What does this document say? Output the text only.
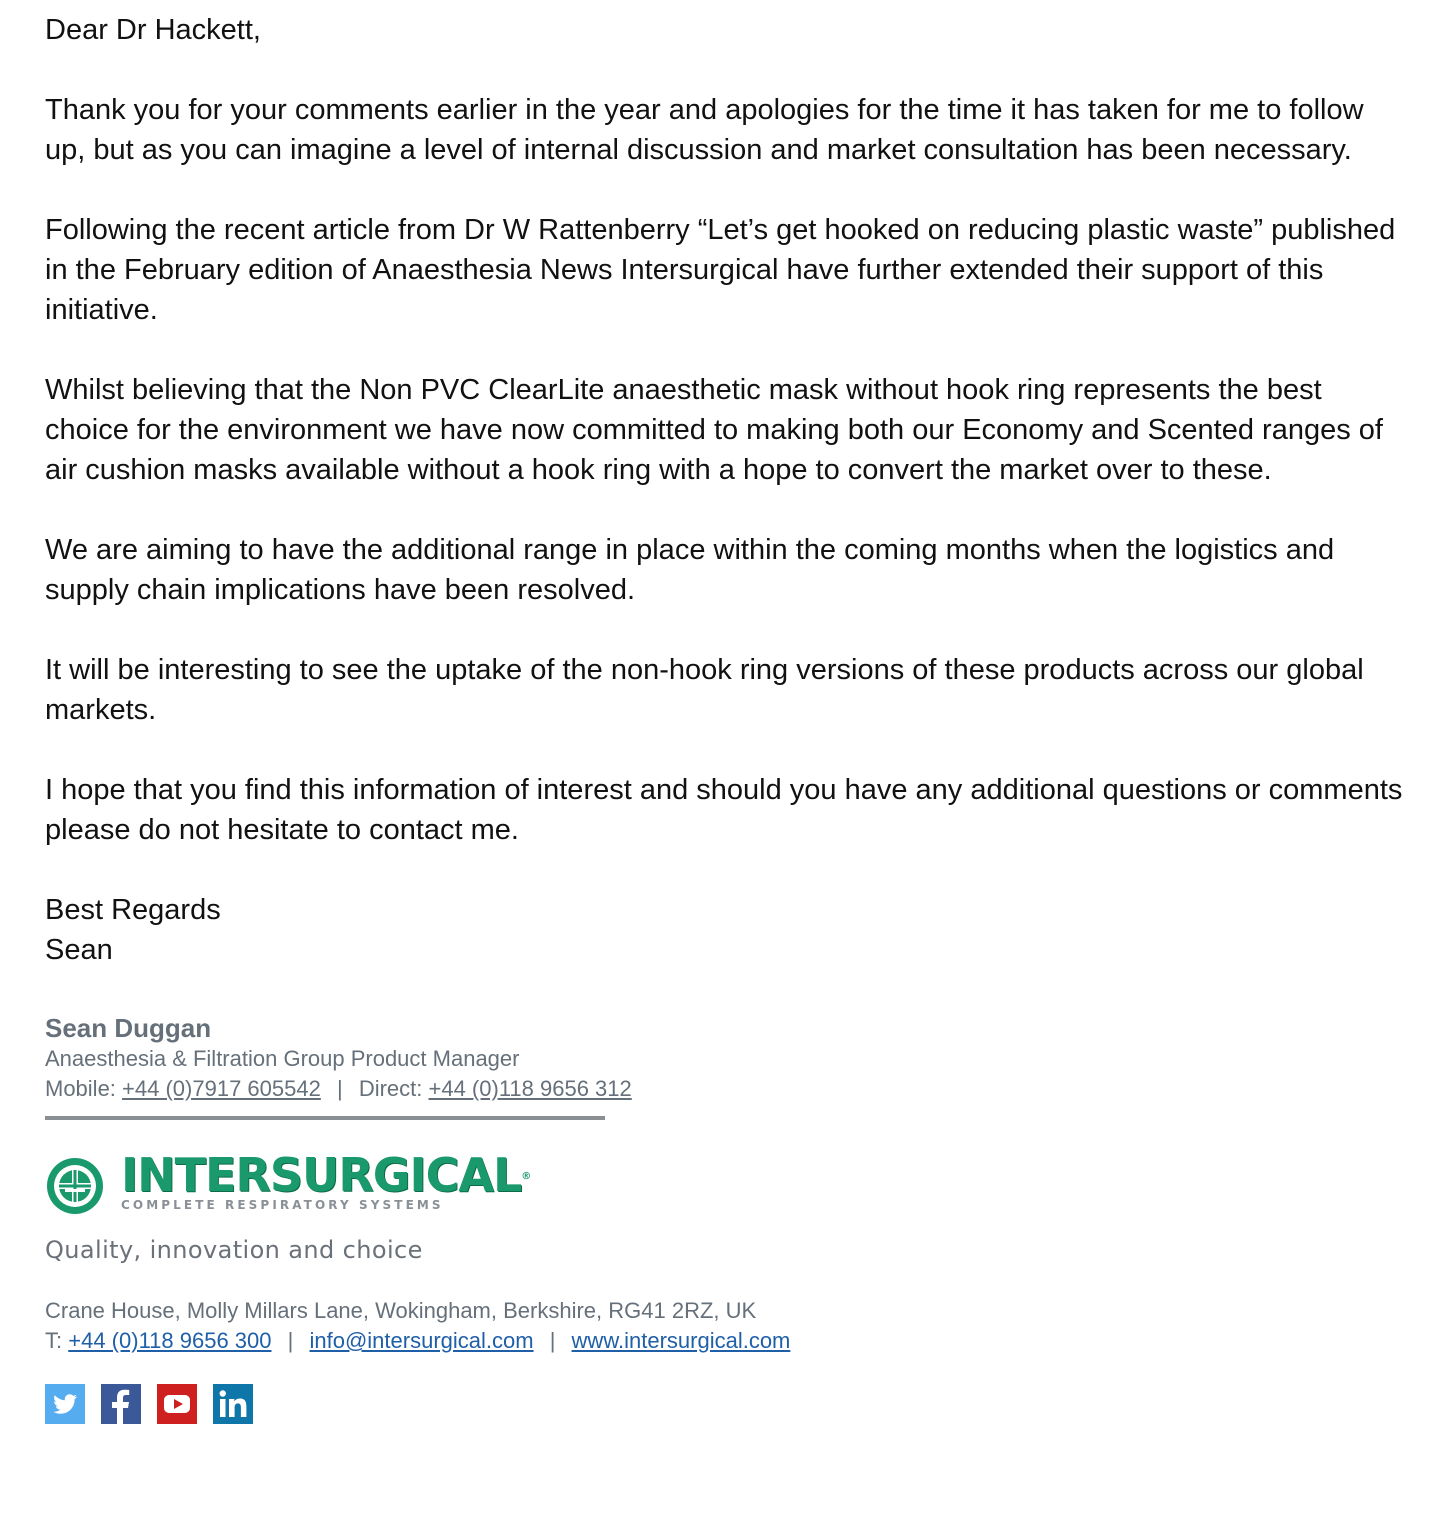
Dear Dr Hackett,

Thank you for your comments earlier in the year and apologies for the time it has taken for me to follow up, but as you can imagine a level of internal discussion and market consultation has been necessary.

Following the recent article from Dr W Rattenberry “Let’s get hooked on reducing plastic waste” published in the February edition of Anaesthesia News Intersurgical have further extended their support of this initiative.

Whilst believing that the Non PVC ClearLite anaesthetic mask without hook ring represents the best choice for the environment we have now committed to making both our Economy and Scented ranges of air cushion masks available without a hook ring with a hope to convert the market over to these.

We are aiming to have the additional range in place within the coming months when the logistics and supply chain implications have been resolved.

It will be interesting to see the uptake of the non-hook ring versions of these products across our global markets.

I hope that you find this information of interest and should you have any additional questions or comments please do not hesitate to contact me.

Best Regards

Sean

Sean Duggan
Anaesthesia & Filtration Group Product Manager
Mobile: +44 (0)7917 605542 | Direct: +44 (0)118 9656 312
INTERSURGICAL®
COMPLETE RESPIRATORY SYSTEMS
Quality, innovation and choice
Crane House, Molly Millars Lane, Wokingham, Berkshire, RG41 2RZ, UK
T: +44 (0)118 9656 300 | info@intersurgical.com | www.intersurgical.com
